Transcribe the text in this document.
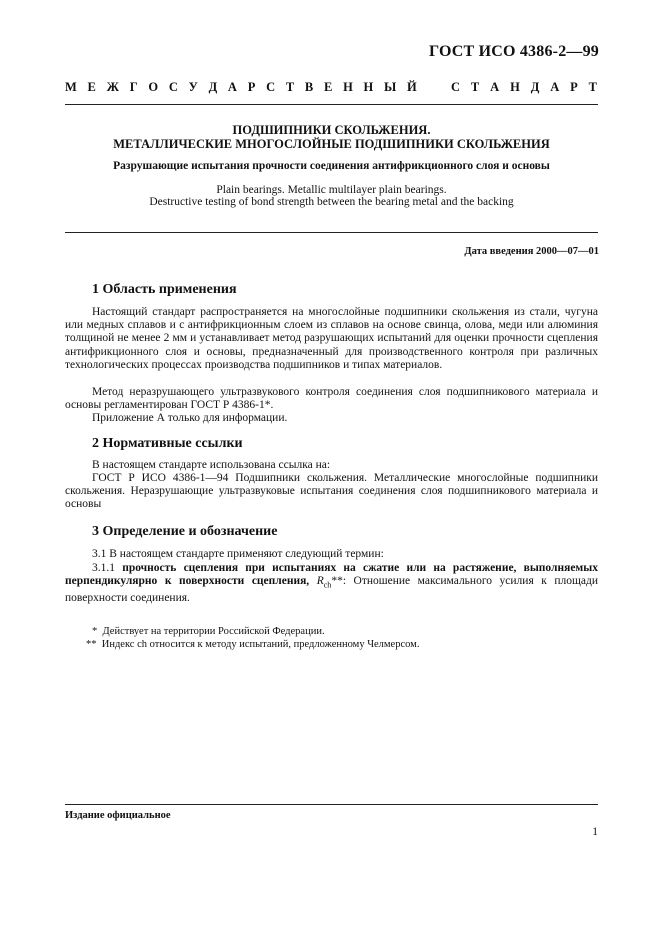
ГОСТ ИСО 4386-2—99
М Е Ж Г О С У Д А Р С Т В Е Н Н Ы Й	С Т А Н Д А Р Т
ПОДШИПНИКИ СКОЛЬЖЕНИЯ.
МЕТАЛЛИЧЕСКИЕ МНОГОСЛОЙНЫЕ ПОДШИПНИКИ СКОЛЬЖЕНИЯ
Разрушающие испытания прочности соединения антифрикционного слоя и основы
Plain bearings. Metallic multilayer plain bearings.
Destructive testing of bond strength between the bearing metal and the backing
Дата введения 2000—07—01
1 Область применения

Настоящий стандарт распространяется на многослойные подшипники скольжения из стали, чугуна или медных сплавов и с антифрикционным слоем из сплавов на основе свинца, олова, меди или алюминия толщиной не менее 2 мм и устанавливает метод разрушающих испытаний для оценки прочности сцепления антифрикционного слоя и основы, предназначенный для производственного контроля при различных технологических процессах производства подшипников и типах материалов.

Метод неразрушающего ультразвукового контроля соединения слоя подшипникового материала и основы регламентирован ГОСТ Р 4386-1*.

Приложение А только для информации.

2 Нормативные ссылки

В настоящем стандарте использована ссылка на:

ГОСТ Р ИСО 4386-1—94 Подшипники скольжения. Металлические многослойные подшипники скольжения. Неразрушающие ультразвуковые испытания соединения слоя подшипникового материала и основы

3 Определение и обозначение

3.1 В настоящем стандарте применяют следующий термин:

3.1.1 прочность сцепления при испытаниях на сжатие или на растяжение, выполняемых перпендикулярно к поверхности сцепления, $R_{ch}**$: Отношение максимального усилия к площади поверхности соединения.

* Действует на территории Российской Федерации.
** Индекс ch относится к методу испытаний, предложенному Челмерсом.
Издание официальное
1
